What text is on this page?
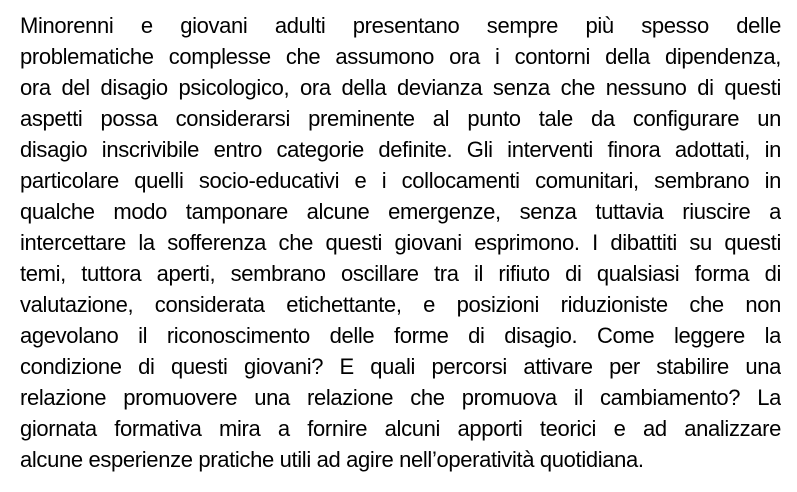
Minorenni e giovani adulti presentano sempre più spesso delle
problematiche complesse che assumono ora i contorni della dipendenza,
ora del disagio psicologico, ora della devianza senza che nessuno di questi
aspetti possa considerarsi preminente al punto tale da configurare un
disagio inscrivibile entro categorie definite. Gli interventi finora adottati, in
particolare quelli socio-educativi e i collocamenti comunitari, sembrano in
qualche modo tamponare alcune emergenze, senza tuttavia riuscire a
intercettare la sofferenza che questi giovani esprimono. I dibattiti su questi
temi, tuttora aperti, sembrano oscillare tra il rifiuto di qualsiasi forma di
valutazione, considerata etichettante, e posizioni riduzioniste che non
agevolano il riconoscimento delle forme di disagio. Come leggere la
condizione di questi giovani? E quali percorsi attivare per stabilire una
relazione promuovere una relazione che promuova il cambiamento? La
giornata formativa mira a fornire alcuni apporti teorici e ad analizzare
alcune esperienze pratiche utili ad agire nell’operatività quotidiana.
